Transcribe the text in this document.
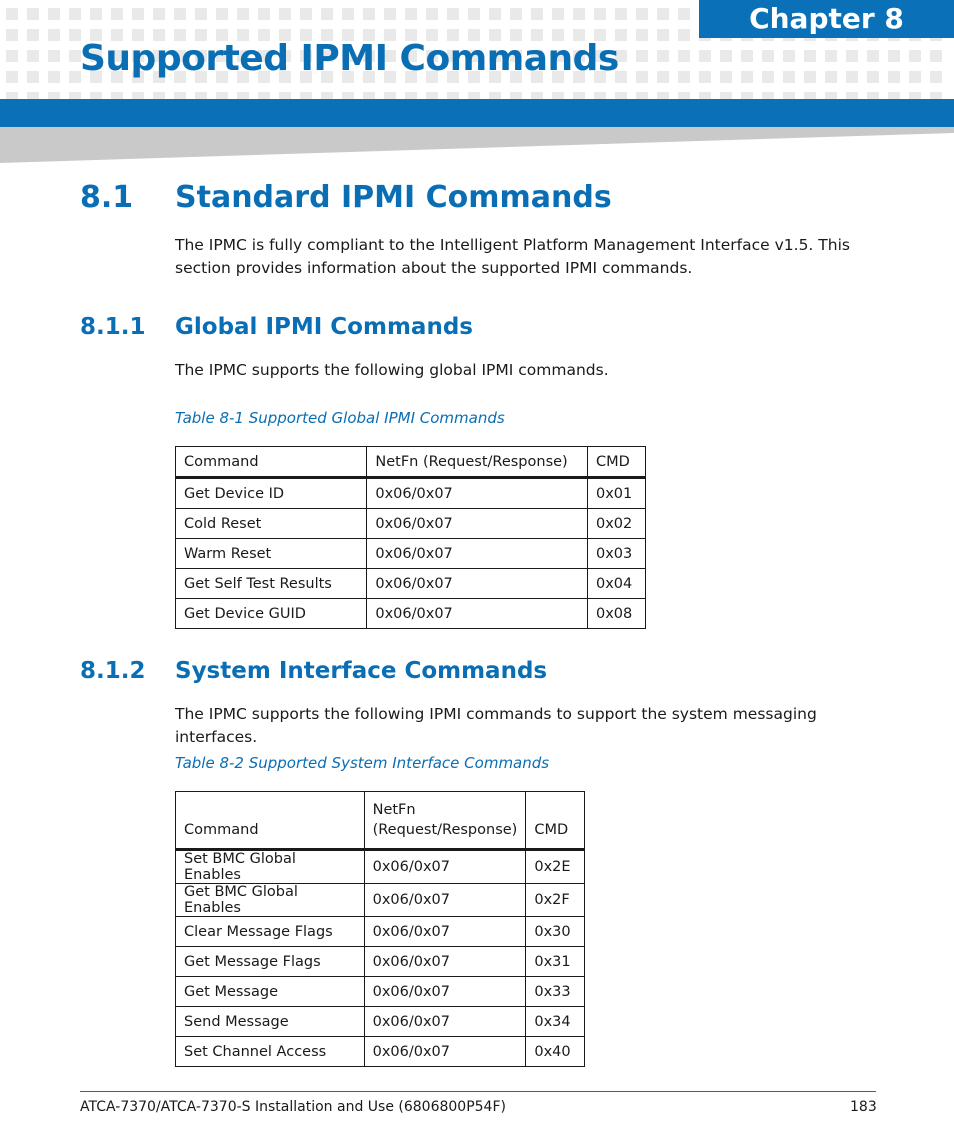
Chapter 8
Supported IPMI Commands
8.1 Standard IPMI Commands

The IPMC is fully compliant to the Intelligent Platform Management Interface v1.5. This section provides information about the supported IPMI commands.

8.1.1 Global IPMI Commands

The IPMC supports the following global IPMI commands.

Table 8-1 Supported Global IPMI Commands

Command	NetFn (Request/Response)	CMD
Get Device ID	0x06/0x07	0x01
Cold Reset	0x06/0x07	0x02
Warm Reset	0x06/0x07	0x03
Get Self Test Results	0x06/0x07	0x04
Get Device GUID	0x06/0x07	0x08
8.1.2 System Interface Commands

The IPMC supports the following IPMI commands to support the system messaging interfaces.

Table 8-2 Supported System Interface Commands

Command	NetFn (Request/Response)	CMD
Set BMC Global Enables	0x06/0x07	0x2E
Get BMC Global Enables	0x06/0x07	0x2F
Clear Message Flags	0x06/0x07	0x30
Get Message Flags	0x06/0x07	0x31
Get Message	0x06/0x07	0x33
Send Message	0x06/0x07	0x34
Set Channel Access	0x06/0x07	0x40
ATCA-7370/ATCA-7370-S Installation and Use (6806800P54F)	183
